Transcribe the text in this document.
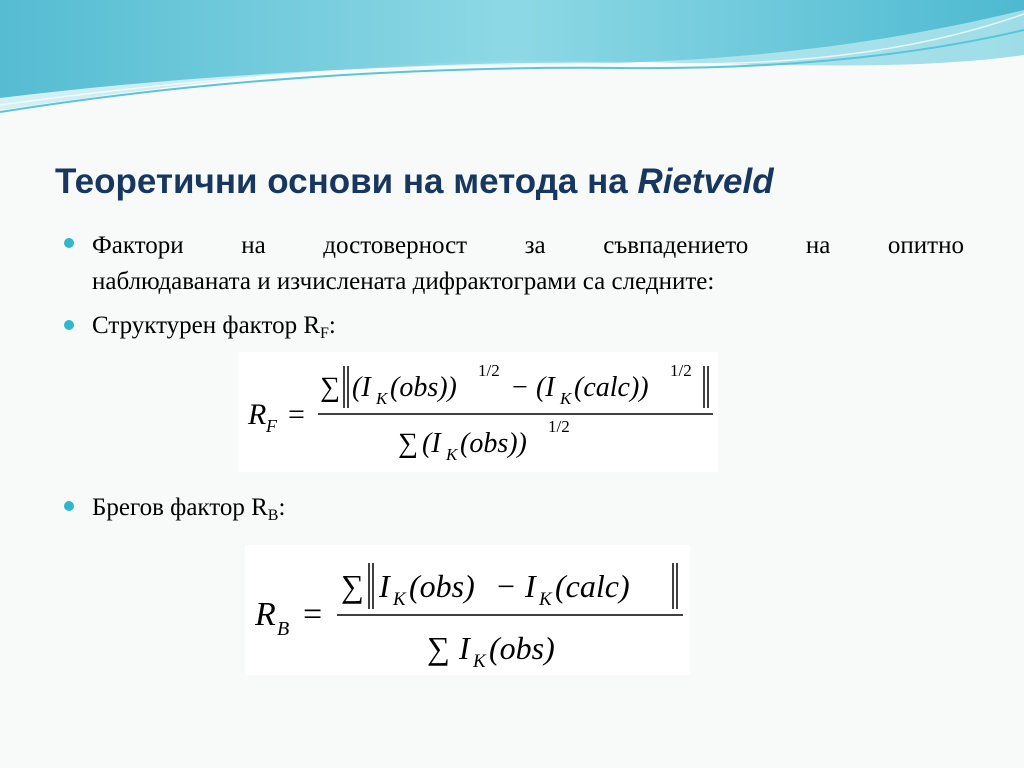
Теоретични основи на метода на Rietveld
Фактори на достоверност за съвпадението на опитно
наблюдаваната и изчислената дифрактограми са следните:
Структурен фактор $R_F$:
R F =
∑ (I K (obs))
1/2
− (I K (calc))
1/2
∑ (I K (obs))
1/2
Брегов фактор $R_B$:
R B =
∑ I K (obs) − I K (calc)
∑ I K (obs)
